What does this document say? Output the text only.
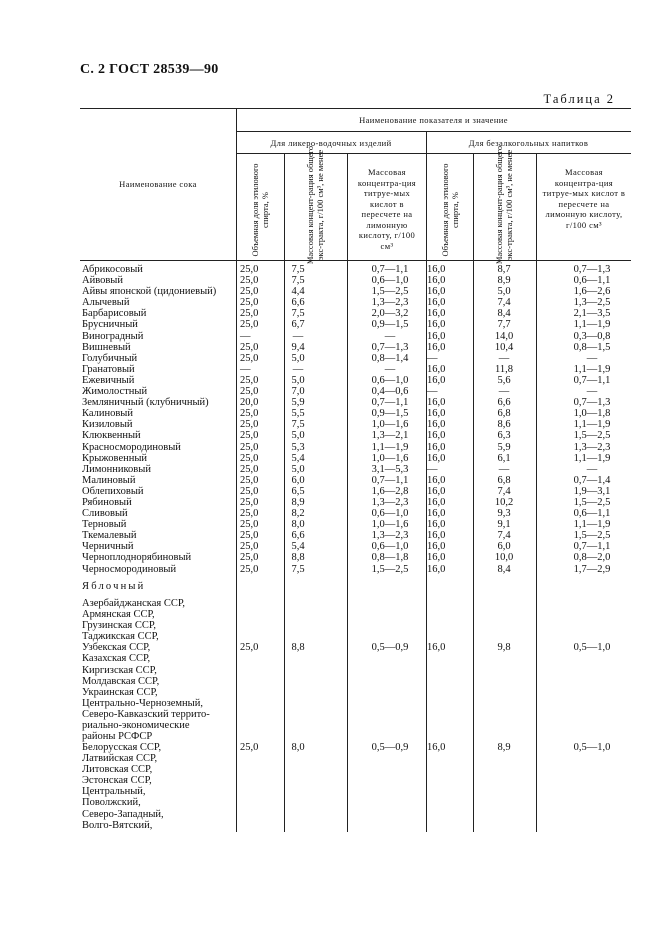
С. 2 ГОСТ 28539—90
Таблица 2
Наименование показателя и значение
Наименование сока
Для ликеро-водочных изделий	Для безалкогольных напитков
Объемная доля этилового спирта, %	Массовая концент-рация общего экс-тракта, г/100 см³, не менее	Массовая концентра-ция титруе-мых кислот в пересчете на лимонную кислоту, г/100 см³	Объемная доля этилового спирта, %	Массовая концент-рация общего экс-тракта, г/100 см³, не менее	Массовая концентра-ция титруе-мых кислот в пересчете на лимонную кислоту, г/100 см³
Абрикосовый	25,0	7,5	0,7—1,1	16,0	8,7	0,7—1,3
Айвовый	25,0	7,5	0,6—1,0	16,0	8,9	0,6—1,1
Айвы японской (цидониевый) 25,0	4,4	1,5—2,5	16,0	5,0	1,6—2,6
Алычевый	25,0	6,6	1,3—2,3	16,0	7,4	1,3—2,5
Барбарисовый	25,0	7,5	2,0—3,2	16,0	8,4	2,1—3,5
Брусничный	25,0	6,7	0,9—1,5	16,0	7,7	1,1—1,9
Виноградный	—	—	—	16,0	14,0	0,3—0,8
Вишневый	25,0	9,4	0,7—1,3	16,0	10,4	0,8—1,5
Голубичный	25,0	5,0	0,8—1,4	—	—	—
Гранатовый	—	—	—	16,0	11,8	1,1—1,9
Ежевичный	25,0	5,0	0,6—1,0	16,0	5,6	0,7—1,1
Жимолостный	25,0	7,0	0,4—0,6	—	—	—
Земляничный (клубничный)	20,0	5,9	0,7—1,1	16,0	6,6	0,7—1,3
Калиновый	25,0	5,5	0,9—1,5	16,0	6,8	1,0—1,8
Кизиловый	25,0	7,5	1,0—1,6	16,0	8,6	1,1—1,9
Клюквенный	25,0	5,0	1,3—2,1	16,0	6,3	1,5—2,5
Красносмородиновый	25,0	5,3	1,1—1,9	16,0	5,9	1,3—2,3
Крыжовенный	25,0	5,4	1,0—1,6	16,0	6,1	1,1—1,9
Лимонниковый	25,0	5,0	3,1—5,3	—	—	—
Малиновый	25,0	6,0	0,7—1,1	16,0	6,8	0,7—1,4
Облепиховый	25,0	6,5	1,6—2,8	16,0	7,4	1,9—3,1
Рябиновый	25,0	8,9	1,3—2,3	16,0	10,2	1,5—2,5
Сливовый	25,0	8,2	0,6—1,0	16,0	9,3	0,6—1,1
Терновый	25,0	8,0	1,0—1,6	16,0	9,1	1,1—1,9
Ткемалевый	25,0	6,6	1,3—2,3	16,0	7,4	1,5—2,5
Черничный	25,0	5,4	0,6—1,0	16,0	6,0	0,7—1,1
Черноплоднорябиновый	25,0	8,8	0,8—1,8	16,0	10,0	0,8—2,0
Черносмородиновый	25,0	7,5	1,5—2,5	16,0	8,4	1,7—2,9
Яблочный
Азербайджанская ССР,
Армянская ССР,
Грузинская ССР,
Таджикская ССР,
Узбекская ССР,	25,0	8,8	0,5—0,9	16,0	9,8	0,5—1,0
Казахская ССР,
Киргизская ССР,
Молдавская ССР,
Украинская ССР,
Центрально-Черноземный,
Северо-Кавказский террито-
риально-экономические
районы РСФСР
Белорусская ССР,	25,0	8,0	0,5—0,9	16,0	8,9	0,5—1,0
Латвийская ССР,
Литовская ССР,
Эстонская ССР,
Центральный,
Поволжский,
Северо-Западный,
Волго-Вятский,
